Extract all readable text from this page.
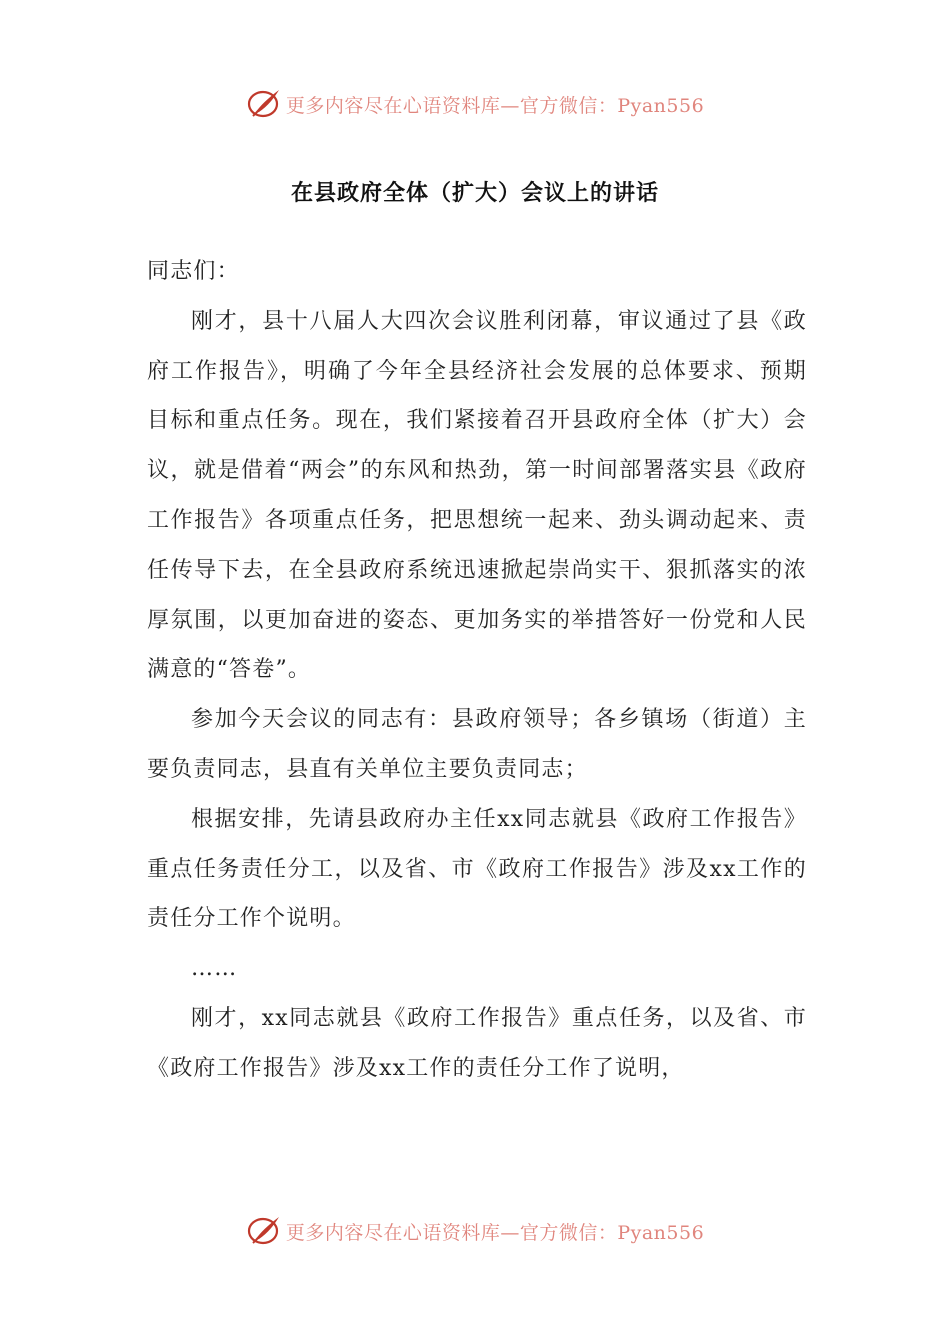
更多内容尽在心语资料库—官方微信：Pyan556
在县政府全体（扩大）会议上的讲话

同志们：

刚才，县十八届人大四次会议胜利闭幕，审议通过了县《政府工作报告》，明确了今年全县经济社会发展的总体要求、预期目标和重点任务。现在，我们紧接着召开县政府全体（扩大）会议，就是借着“两会”的东风和热劲，第一时间部署落实县《政府工作报告》各项重点任务，把思想统一起来、劲头调动起来、责任传导下去，在全县政府系统迅速掀起崇尚实干、狠抓落实的浓厚氛围，以更加奋进的姿态、更加务实的举措答好一份党和人民满意的“答卷”。

参加今天会议的同志有：县政府领导；各乡镇场（街道）主要负责同志，县直有关单位主要负责同志；

根据安排，先请县政府办主任xx同志就县《政府工作报告》重点任务责任分工，以及省、市《政府工作报告》涉及xx工作的责任分工作个说明。

……

刚才，xx同志就县《政府工作报告》重点任务，以及省、市《政府工作报告》涉及xx工作的责任分工作了说明，

更多内容尽在心语资料库—官方微信：Pyan556
